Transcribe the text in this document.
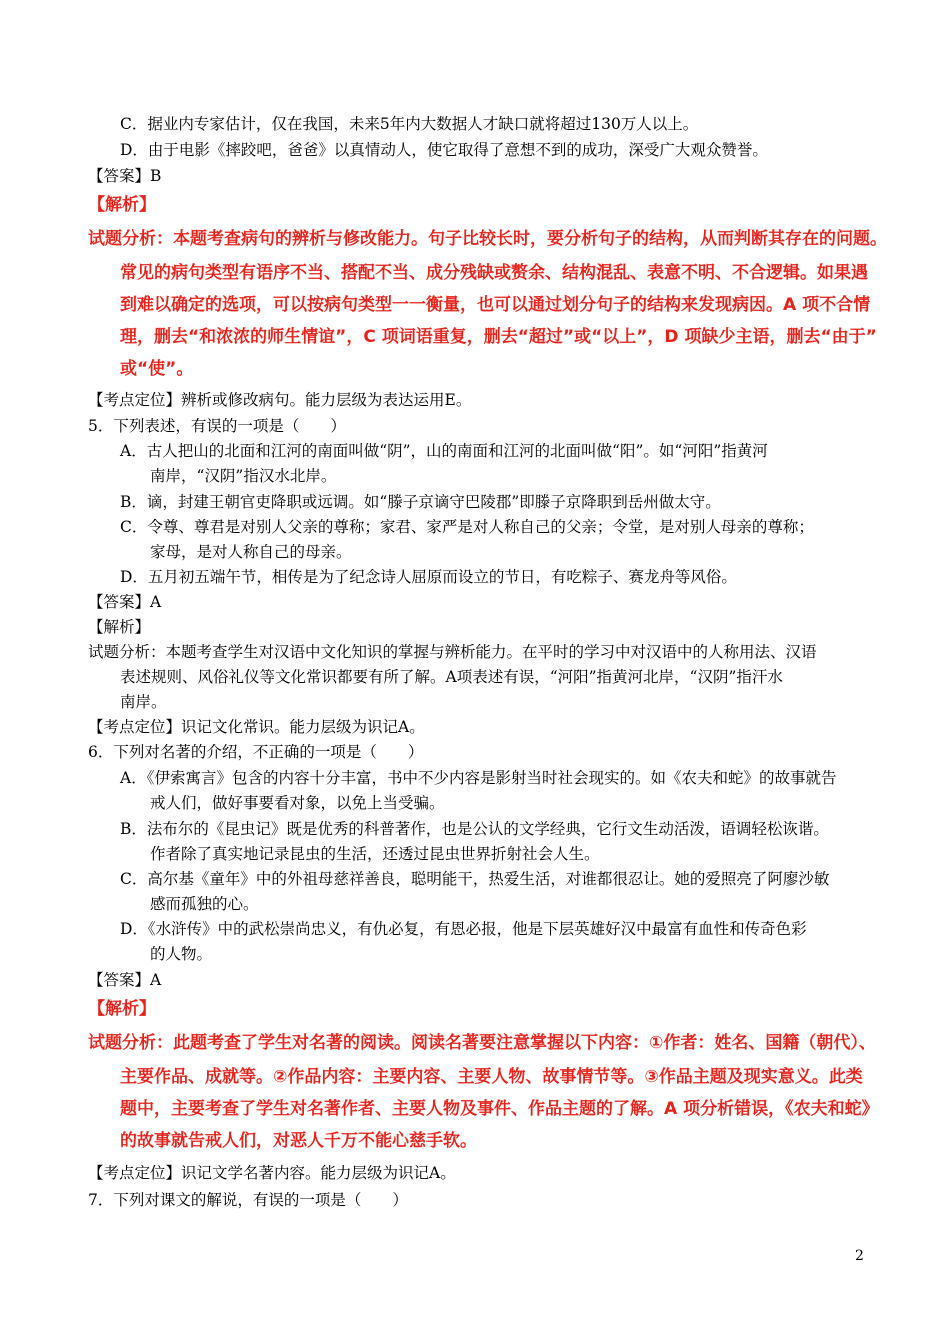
C．据业内专家估计，仅在我国，未来5年内大数据人才缺口就将超过130万人以上。
D．由于电影《摔跤吧，爸爸》以真情动人，使它取得了意想不到的成功，深受广大观众赞誉。
【答案】B
【解析】
试题分析：本题考查病句的辨析与修改能力。句子比较长时，要分析句子的结构，从而判断其存在的问题。
常见的病句类型有语序不当、搭配不当、成分残缺或赘余、结构混乱、表意不明、不合逻辑。如果遇
到难以确定的选项，可以按病句类型一一衡量，也可以通过划分句子的结构来发现病因。A 项不合情
理，删去“和浓浓的师生情谊”，C 项词语重复，删去“超过”或“以上”，D 项缺少主语，删去“由于”
或“使”。
【考点定位】辨析或修改病句。能力层级为表达运用E。
5．下列表述，有误的一项是（　　）
A．古人把山的北面和江河的南面叫做“阴”，山的南面和江河的北面叫做“阳”。如“河阳”指黄河
南岸，“汉阴”指汉水北岸。
B．谪，封建王朝官吏降职或远调。如“滕子京谪守巴陵郡”即滕子京降职到岳州做太守。
C．令尊、尊君是对别人父亲的尊称；家君、家严是对人称自己的父亲；令堂，是对别人母亲的尊称；
家母，是对人称自己的母亲。
D．五月初五端午节，相传是为了纪念诗人屈原而设立的节日，有吃粽子、赛龙舟等风俗。
【答案】A
【解析】
试题分析：本题考查学生对汉语中文化知识的掌握与辨析能力。在平时的学习中对汉语中的人称用法、汉语
表述规则、风俗礼仪等文化常识都要有所了解。A项表述有误，“河阳”指黄河北岸，“汉阴”指汗水
南岸。
【考点定位】识记文化常识。能力层级为识记A。
6．下列对名著的介绍，不正确的一项是（　　）
A．《伊索寓言》包含的内容十分丰富，书中不少内容是影射当时社会现实的。如《农夫和蛇》的故事就告
戒人们，做好事要看对象，以免上当受骗。
B．法布尔的《昆虫记》既是优秀的科普著作，也是公认的文学经典，它行文生动活泼，语调轻松诙谐。
作者除了真实地记录昆虫的生活，还透过昆虫世界折射社会人生。
C．高尔基《童年》中的外祖母慈祥善良，聪明能干，热爱生活，对谁都很忍让。她的爱照亮了阿廖沙敏
感而孤独的心。
D．《水浒传》中的武松崇尚忠义，有仇必复，有恩必报，他是下层英雄好汉中最富有血性和传奇色彩
的人物。
【答案】A
【解析】
试题分析：此题考查了学生对名著的阅读。阅读名著要注意掌握以下内容：①作者：姓名、国籍（朝代）、
主要作品、成就等。②作品内容：主要内容、主要人物、故事情节等。③作品主题及现实意义。此类
题中，主要考查了学生对名著作者、主要人物及事件、作品主题的了解。A 项分析错误，《农夫和蛇》
的故事就告戒人们，对恶人千万不能心慈手软。
【考点定位】识记文学名著内容。能力层级为识记A。
7．下列对课文的解说，有误的一项是（　　）
2
